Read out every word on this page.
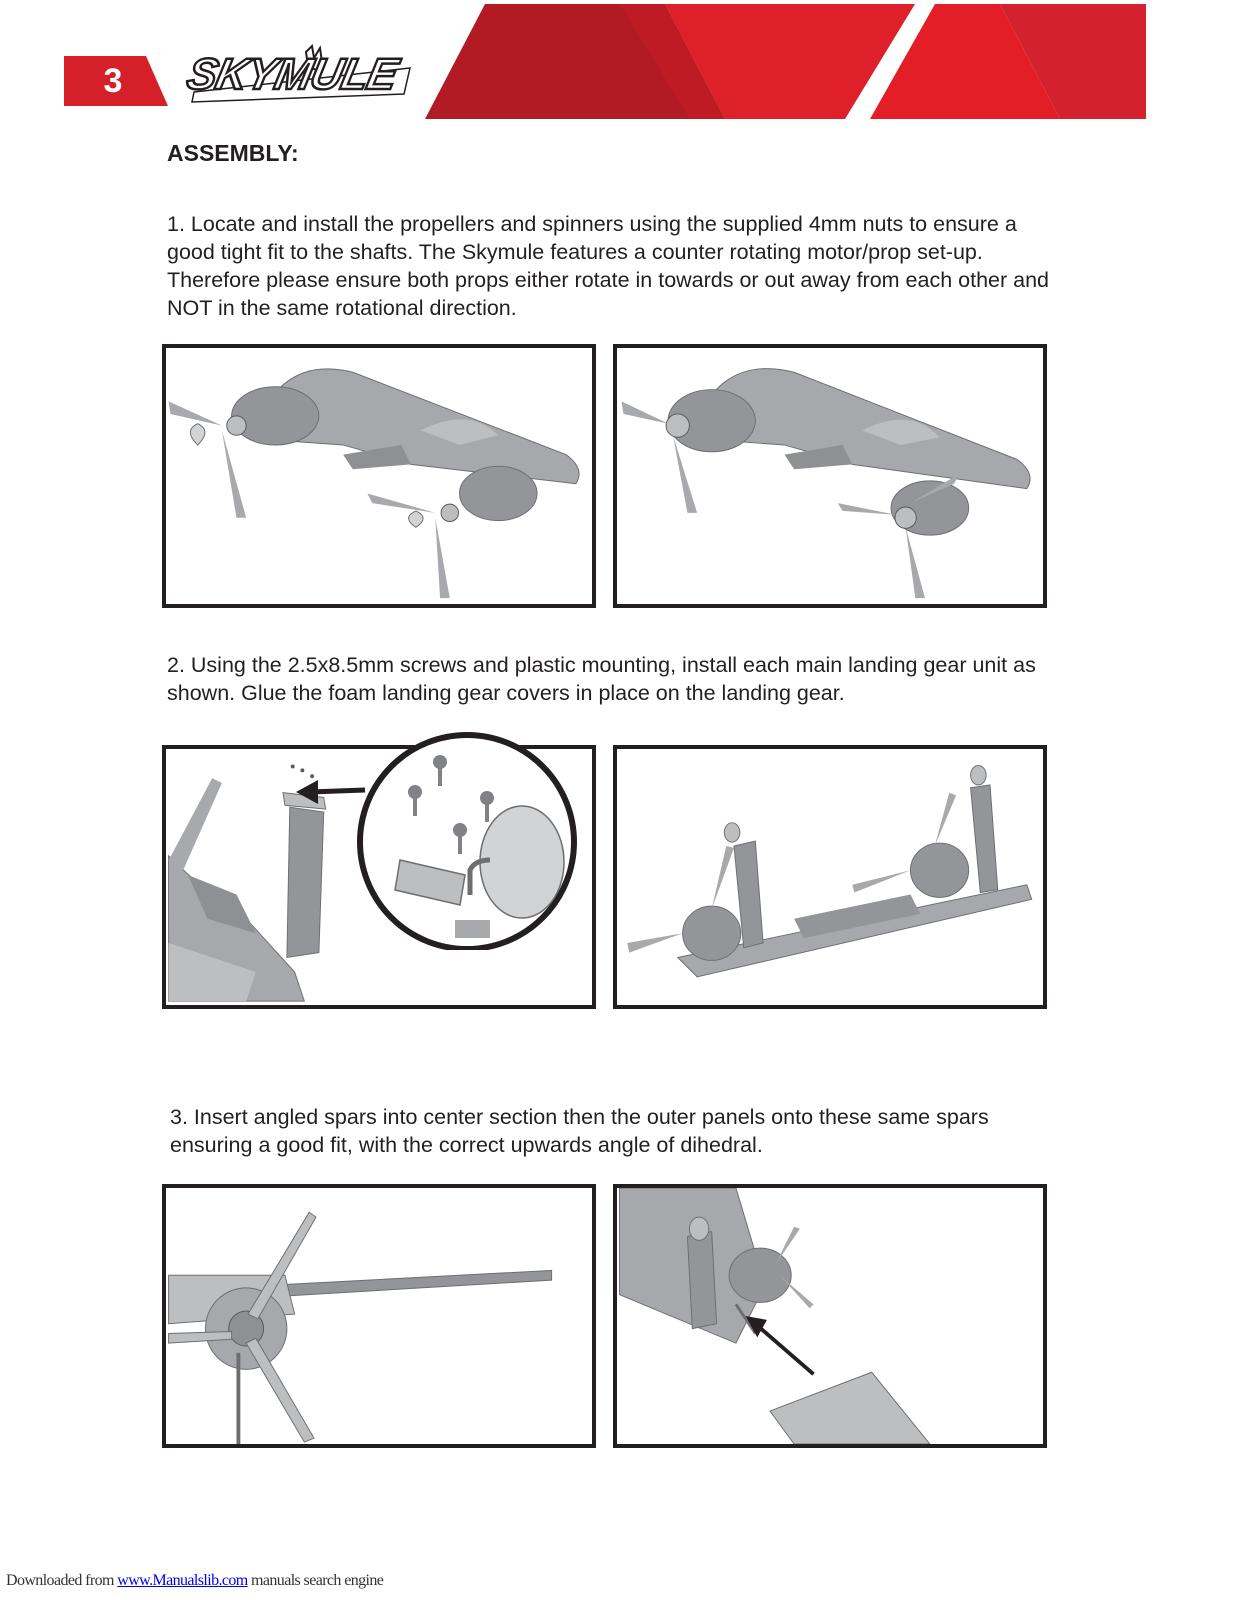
3	SKYMULE
ASSEMBLY:
1. Locate and install the propellers and spinners using the supplied 4mm nuts to ensure a good tight fit to the shafts. The Skymule features a counter rotating motor/prop set-up. Therefore please ensure both props either rotate in towards or out away from each other and NOT in the same rotational direction.
2. Using the 2.5x8.5mm screws and plastic mounting, install each main landing gear unit as shown. Glue the foam landing gear covers in place on the landing gear.
3. Insert angled spars into center section then the outer panels onto these same spars ensuring a good fit, with the correct upwards angle of dihedral.
Downloaded from www.Manualslib.com manuals search engine
